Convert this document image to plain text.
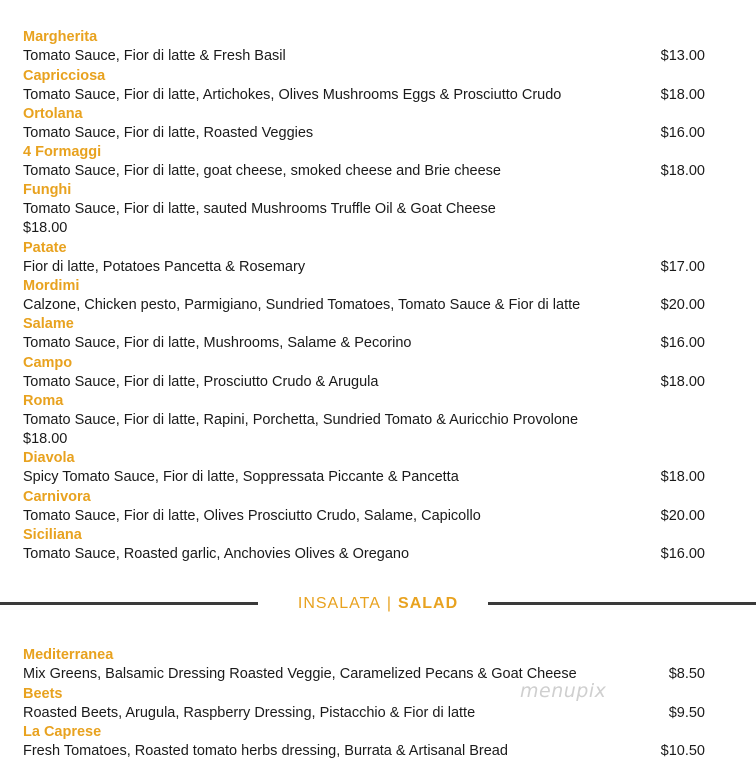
Margherita
Tomato Sauce, Fior di latte & Fresh Basil	$13.00
Capricciosa
Tomato Sauce, Fior di latte, Artichokes, Olives Mushrooms Eggs & Prosciutto Crudo	$18.00
Ortolana
Tomato Sauce, Fior di latte, Roasted Veggies	$16.00
4 Formaggi
Tomato Sauce, Fior di latte, goat cheese, smoked cheese and Brie cheese	$18.00
Funghi
Tomato Sauce, Fior di latte, sauted Mushrooms Truffle Oil & Goat Cheese
$18.00
Patate
Fior di latte, Potatoes Pancetta & Rosemary	$17.00
Mordimi
Calzone, Chicken pesto, Parmigiano, Sundried Tomatoes, Tomato Sauce & Fior di latte	$20.00
Salame
Tomato Sauce, Fior di latte, Mushrooms, Salame & Pecorino	$16.00
Campo
Tomato Sauce, Fior di latte, Prosciutto Crudo & Arugula	$18.00
Roma
Tomato Sauce, Fior di latte, Rapini, Porchetta, Sundried Tomato & Auricchio Provolone
$18.00
Diavola
Spicy Tomato Sauce, Fior di latte, Soppressata Piccante & Pancetta	$18.00
Carnivora
Tomato Sauce, Fior di latte, Olives Prosciutto Crudo, Salame, Capicollo	$20.00
Siciliana
Tomato Sauce, Roasted garlic, Anchovies Olives & Oregano	$16.00
INSALATA | SALAD
Mediterranea
Mix Greens, Balsamic Dressing Roasted Veggie, Caramelized Pecans & Goat Cheese	$8.50
Beets
Roasted Beets, Arugula, Raspberry Dressing, Pistacchio & Fior di latte	$9.50
La Caprese
Fresh Tomatoes, Roasted tomato herbs dressing, Burrata & Artisanal Bread	$10.50
menupix
